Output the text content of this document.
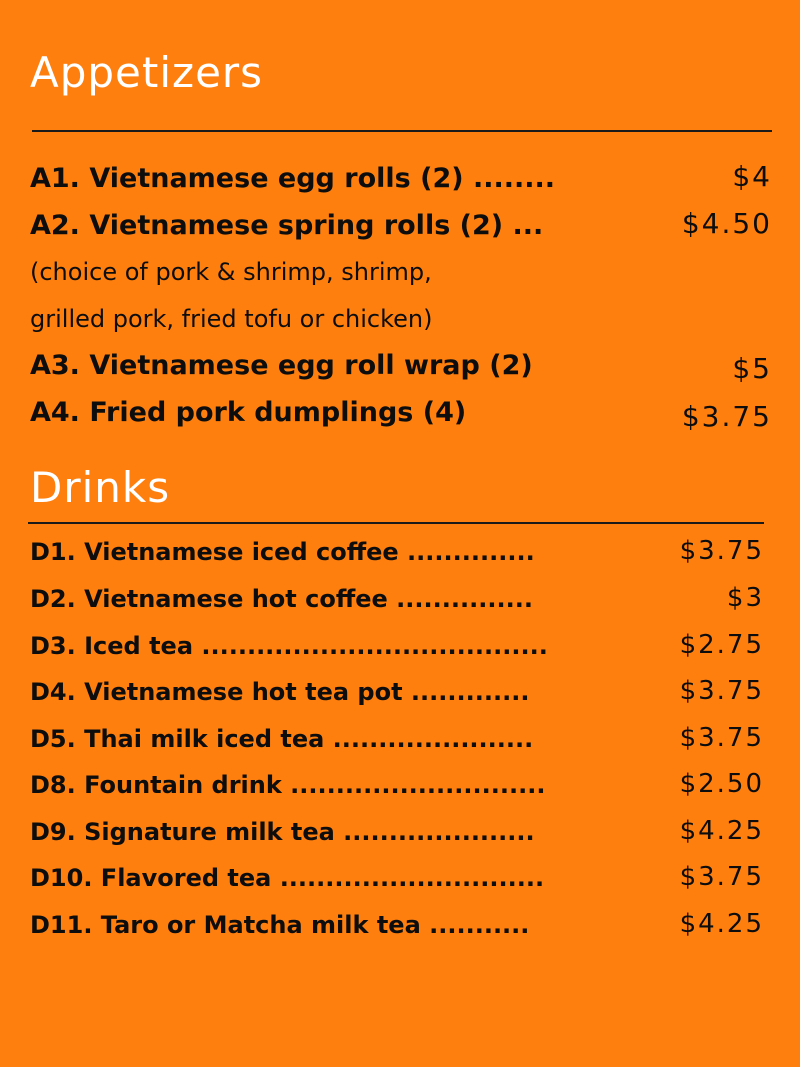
Appetizers
A1. Vietnamese egg rolls (2) ........	$4
A2. Vietnamese spring rolls (2) ...	$4.50
(choice of pork & shrimp, shrimp,
grilled pork, fried tofu or chicken)
A3. Vietnamese egg roll wrap (2)	$5
A4. Fried pork dumplings (4)	$3.75
Drinks
D1. Vietnamese iced coffee ..............	$3.75
D2. Vietnamese hot coffee ...............	$3
D3. Iced tea ......................................	$2.75
D4. Vietnamese hot tea pot .............	$3.75
D5. Thai milk iced tea ......................	$3.75
D8. Fountain drink ............................	$2.50
D9. Signature milk tea .....................	$4.25
D10. Flavored tea .............................	$3.75
D11. Taro or Matcha milk tea ...........	$4.25
